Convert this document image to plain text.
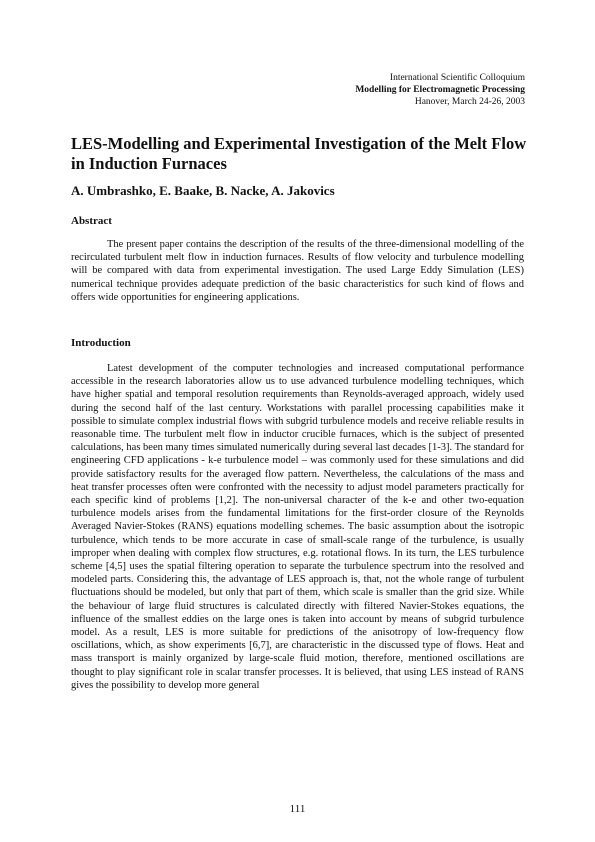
International Scientific Colloquium
Modelling for Electromagnetic Processing
Hanover, March 24-26, 2003
LES-Modelling and Experimental Investigation of the Melt Flow in Induction Furnaces

A. Umbrashko, E. Baake, B. Nacke, A. Jakovics

Abstract

The present paper contains the description of the results of the three-dimensional modelling of the recirculated turbulent melt flow in induction furnaces. Results of flow velocity and turbulence modelling will be compared with data from experimental investigation. The used Large Eddy Simulation (LES) numerical technique provides adequate prediction of the basic characteristics for such kind of flows and offers wide opportunities for engineering applications.

Introduction

Latest development of the computer technologies and increased computational performance accessible in the research laboratories allow us to use advanced turbulence modelling techniques, which have higher spatial and temporal resolution requirements than Reynolds-averaged approach, widely used during the second half of the last century. Workstations with parallel processing capabilities make it possible to simulate complex industrial flows with subgrid turbulence models and receive reliable results in reasonable time. The turbulent melt flow in inductor crucible furnaces, which is the subject of presented calculations, has been many times simulated numerically during several last decades [1-3]. The standard for engineering CFD applications - k-e turbulence model – was commonly used for these simulations and did provide satisfactory results for the averaged flow pattern. Nevertheless, the calculations of the mass and heat transfer processes often were confronted with the necessity to adjust model parameters practically for each specific kind of problems [1,2]. The non-universal character of the k-e and other two-equation turbulence models arises from the fundamental limitations for the first-order closure of the Reynolds Averaged Navier-Stokes (RANS) equations modelling schemes. The basic assumption about the isotropic turbulence, which tends to be more accurate in case of small-scale range of the turbulence, is usually improper when dealing with complex flow structures, e.g. rotational flows. In its turn, the LES turbulence scheme [4,5] uses the spatial filtering operation to separate the turbulence spectrum into the resolved and modeled parts. Considering this, the advantage of LES approach is, that, not the whole range of turbulent fluctuations should be modeled, but only that part of them, which scale is smaller than the grid size. While the behaviour of large fluid structures is calculated directly with filtered Navier-Stokes equations, the influence of the smallest eddies on the large ones is taken into account by means of subgrid turbulence model. As a result, LES is more suitable for predictions of the anisotropy of low-frequency flow oscillations, which, as show experiments [6,7], are characteristic in the discussed type of flows. Heat and mass transport is mainly organized by large-scale fluid motion, therefore, mentioned oscillations are thought to play significant role in scalar transfer processes. It is believed, that using LES instead of RANS gives the possibility to develop more general

111
